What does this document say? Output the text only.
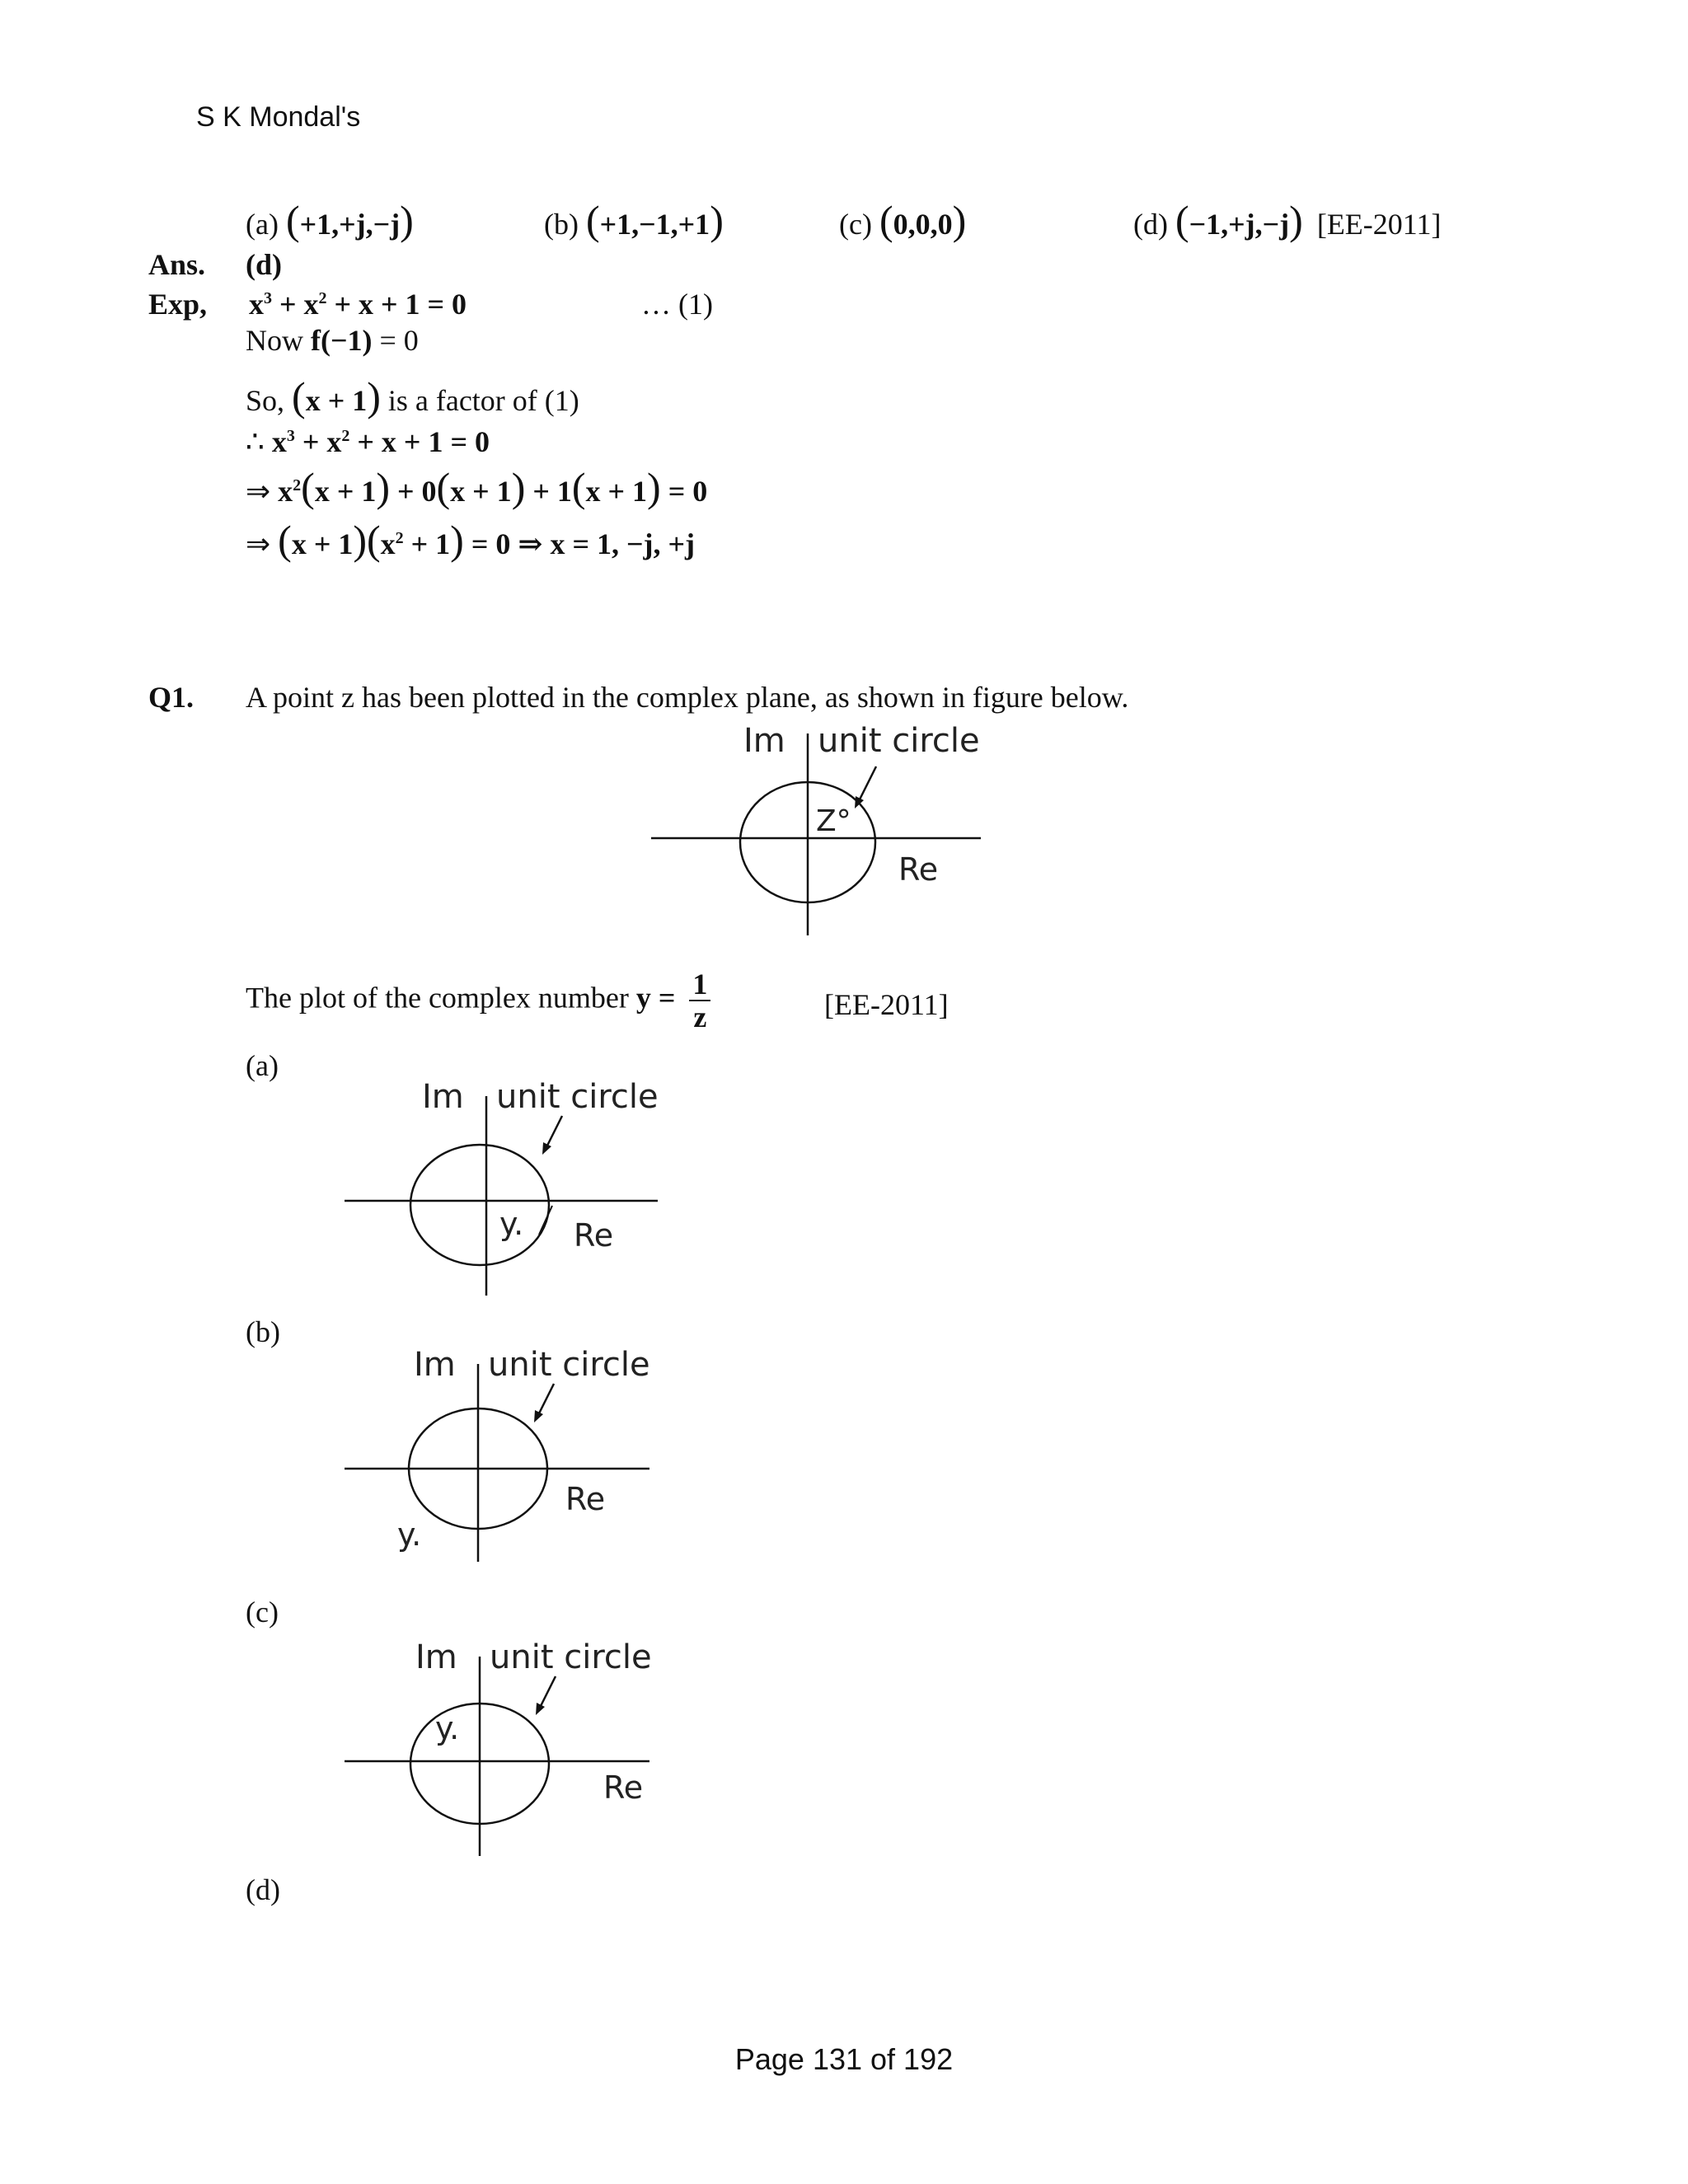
S K Mondal's
(a) (+1,+j,−j)	(b) (+1,−1,+1)	(c) (0,0,0)	(d) (−1,+j,−j) [EE-2011]
Ans. (d)
Exp, $x^3 + x^2 + x + 1 = 0$	… (1)
Now f(−1) = 0
So, (x + 1) is a factor of (1)
∴ $x^3 + x^2 + x + 1 = 0$
⇒ $x^2(x + 1) + 0(x + 1) + 1(x + 1) = 0$
⇒ $(x + 1)(x^2 + 1) = 0$ ⇒ x = 1, −j, +j
Q1. A point z has been plotted in the complex plane, as shown in figure below.
Im unit circle
Z°
Re
The plot of the complex number $y = \frac{1}{z}$	[EE-2011]
(a)
Im unit circle
y. Re
(b)
Im unit circle
Re
y.
(c)
Im unit circle
y.
Re
(d)
Page 131 of 192
